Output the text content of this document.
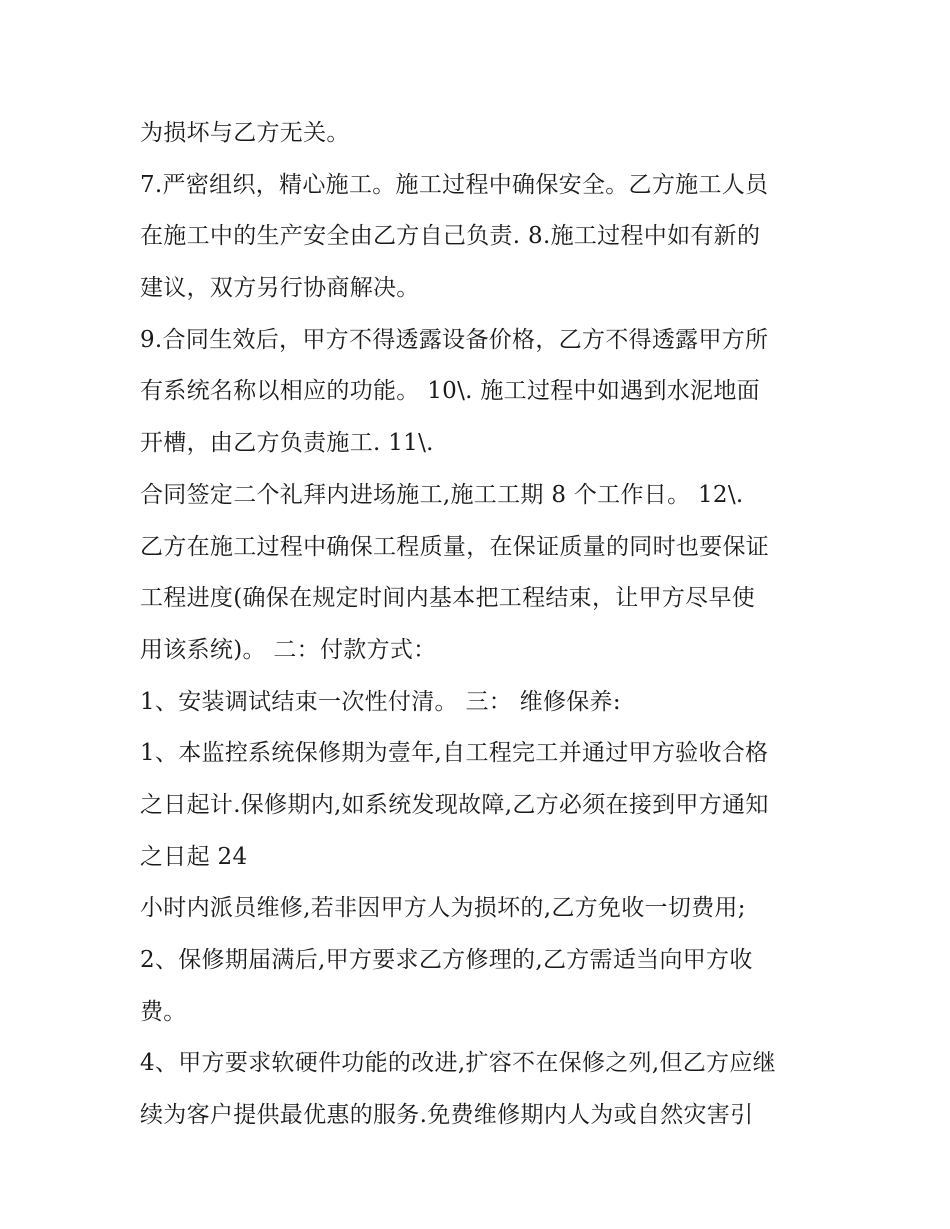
为损坏与乙方无关。
7.严密组织，精心施工。施工过程中确保安全。乙方施工人员
在施工中的生产安全由乙方自己负责. 8.施工过程中如有新的
建议，双方另行协商解决。
9.合同生效后，甲方不得透露设备价格，乙方不得透露甲方所
有系统名称以相应的功能。 10\. 施工过程中如遇到水泥地面
开槽，由乙方负责施工. 11\.
合同签定二个礼拜内进场施工,施工工期 8 个工作日。 12\.
乙方在施工过程中确保工程质量，在保证质量的同时也要保证
工程进度(确保在规定时间内基本把工程结束，让甲方尽早使
用该系统)。 二：付款方式：
1、安装调试结束一次性付清。 三： 维修保养:
1、本监控系统保修期为壹年,自工程完工并通过甲方验收合格
之日起计.保修期内,如系统发现故障,乙方必须在接到甲方通知
之日起 24
小时内派员维修,若非因甲方人为损坏的,乙方免收一切费用;
2、保修期届满后,甲方要求乙方修理的,乙方需适当向甲方收
费。
4、甲方要求软硬件功能的改进,扩容不在保修之列,但乙方应继
续为客户提供最优惠的服务.免费维修期内人为或自然灾害引
